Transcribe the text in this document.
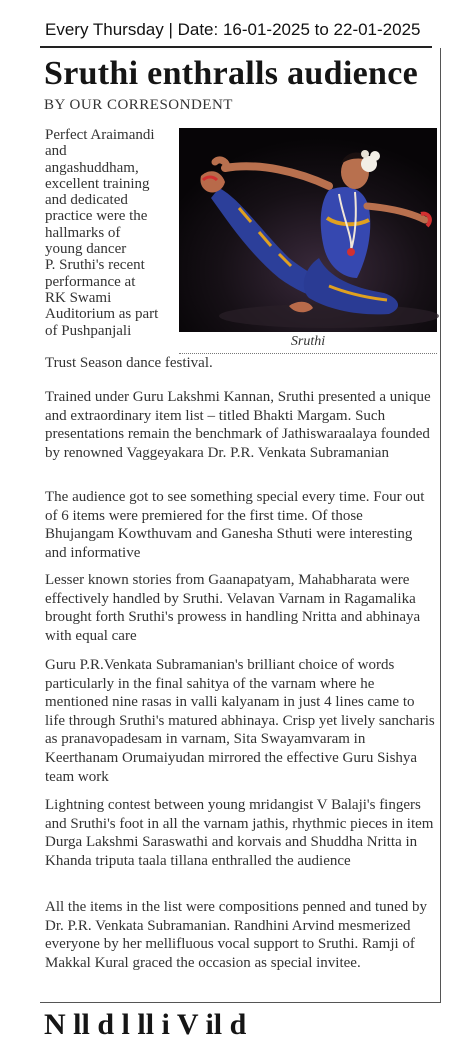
Every Thursday | Date: 16-01-2025 to 22-01-2025
Sruthi enthralls audience
BY OUR CORRESONDENT
Perfect Araimandi
and
angashuddham,
excellent training
and dedicated
practice were the
hallmarks of
young dancer
P. Sruthi's recent
performance at
RK Swami
Auditorium as part
of Pushpanjali
Trust Season dance festival.
Sruthi
Trained under Guru Lakshmi Kannan, Sruthi presented a unique and extraordinary item list – titled Bhakti Margam. Such presentations remain the benchmark of Jathiswaraalaya founded by renowned Vaggeyakara Dr. P.R. Venkata Subramanian
The audience got to see something special every time. Four out of 6 items were premiered for the first time. Of those Bhujangam Kowthuvam and Ganesha Sthuti were interesting and informative
Lesser known stories from Gaanapatyam, Mahabharata were effectively handled by Sruthi. Velavan Varnam in Ragamalika brought forth Sruthi's prowess in handling Nritta and abhinaya with equal care
Guru P.R.Venkata Subramanian's brilliant choice of words particularly in the final sahitya of the varnam where he mentioned nine rasas in valli kalyanam in just 4 lines came to life through Sruthi's matured abhinaya. Crisp yet lively sancharis as pranavopadesam in varnam, Sita Swayamvaram in Keerthanam Orumaiyudan mirrored the effective Guru Sishya team work
Lightning contest between young mridangist V Balaji's fingers and Sruthi's foot in all the varnam jathis, rhythmic pieces in item Durga Lakshmi Saraswathi and korvais and Shuddha Nritta in Khanda triputa taala tillana enthralled the audience
All the items in the list were compositions penned and tuned by Dr. P.R. Venkata Subramanian. Randhini Arvind mesmerized everyone by her mellifluous vocal support to Sruthi. Ramji of Makkal Kural graced the occasion as special invitee.
N ll d l ll i V il d
